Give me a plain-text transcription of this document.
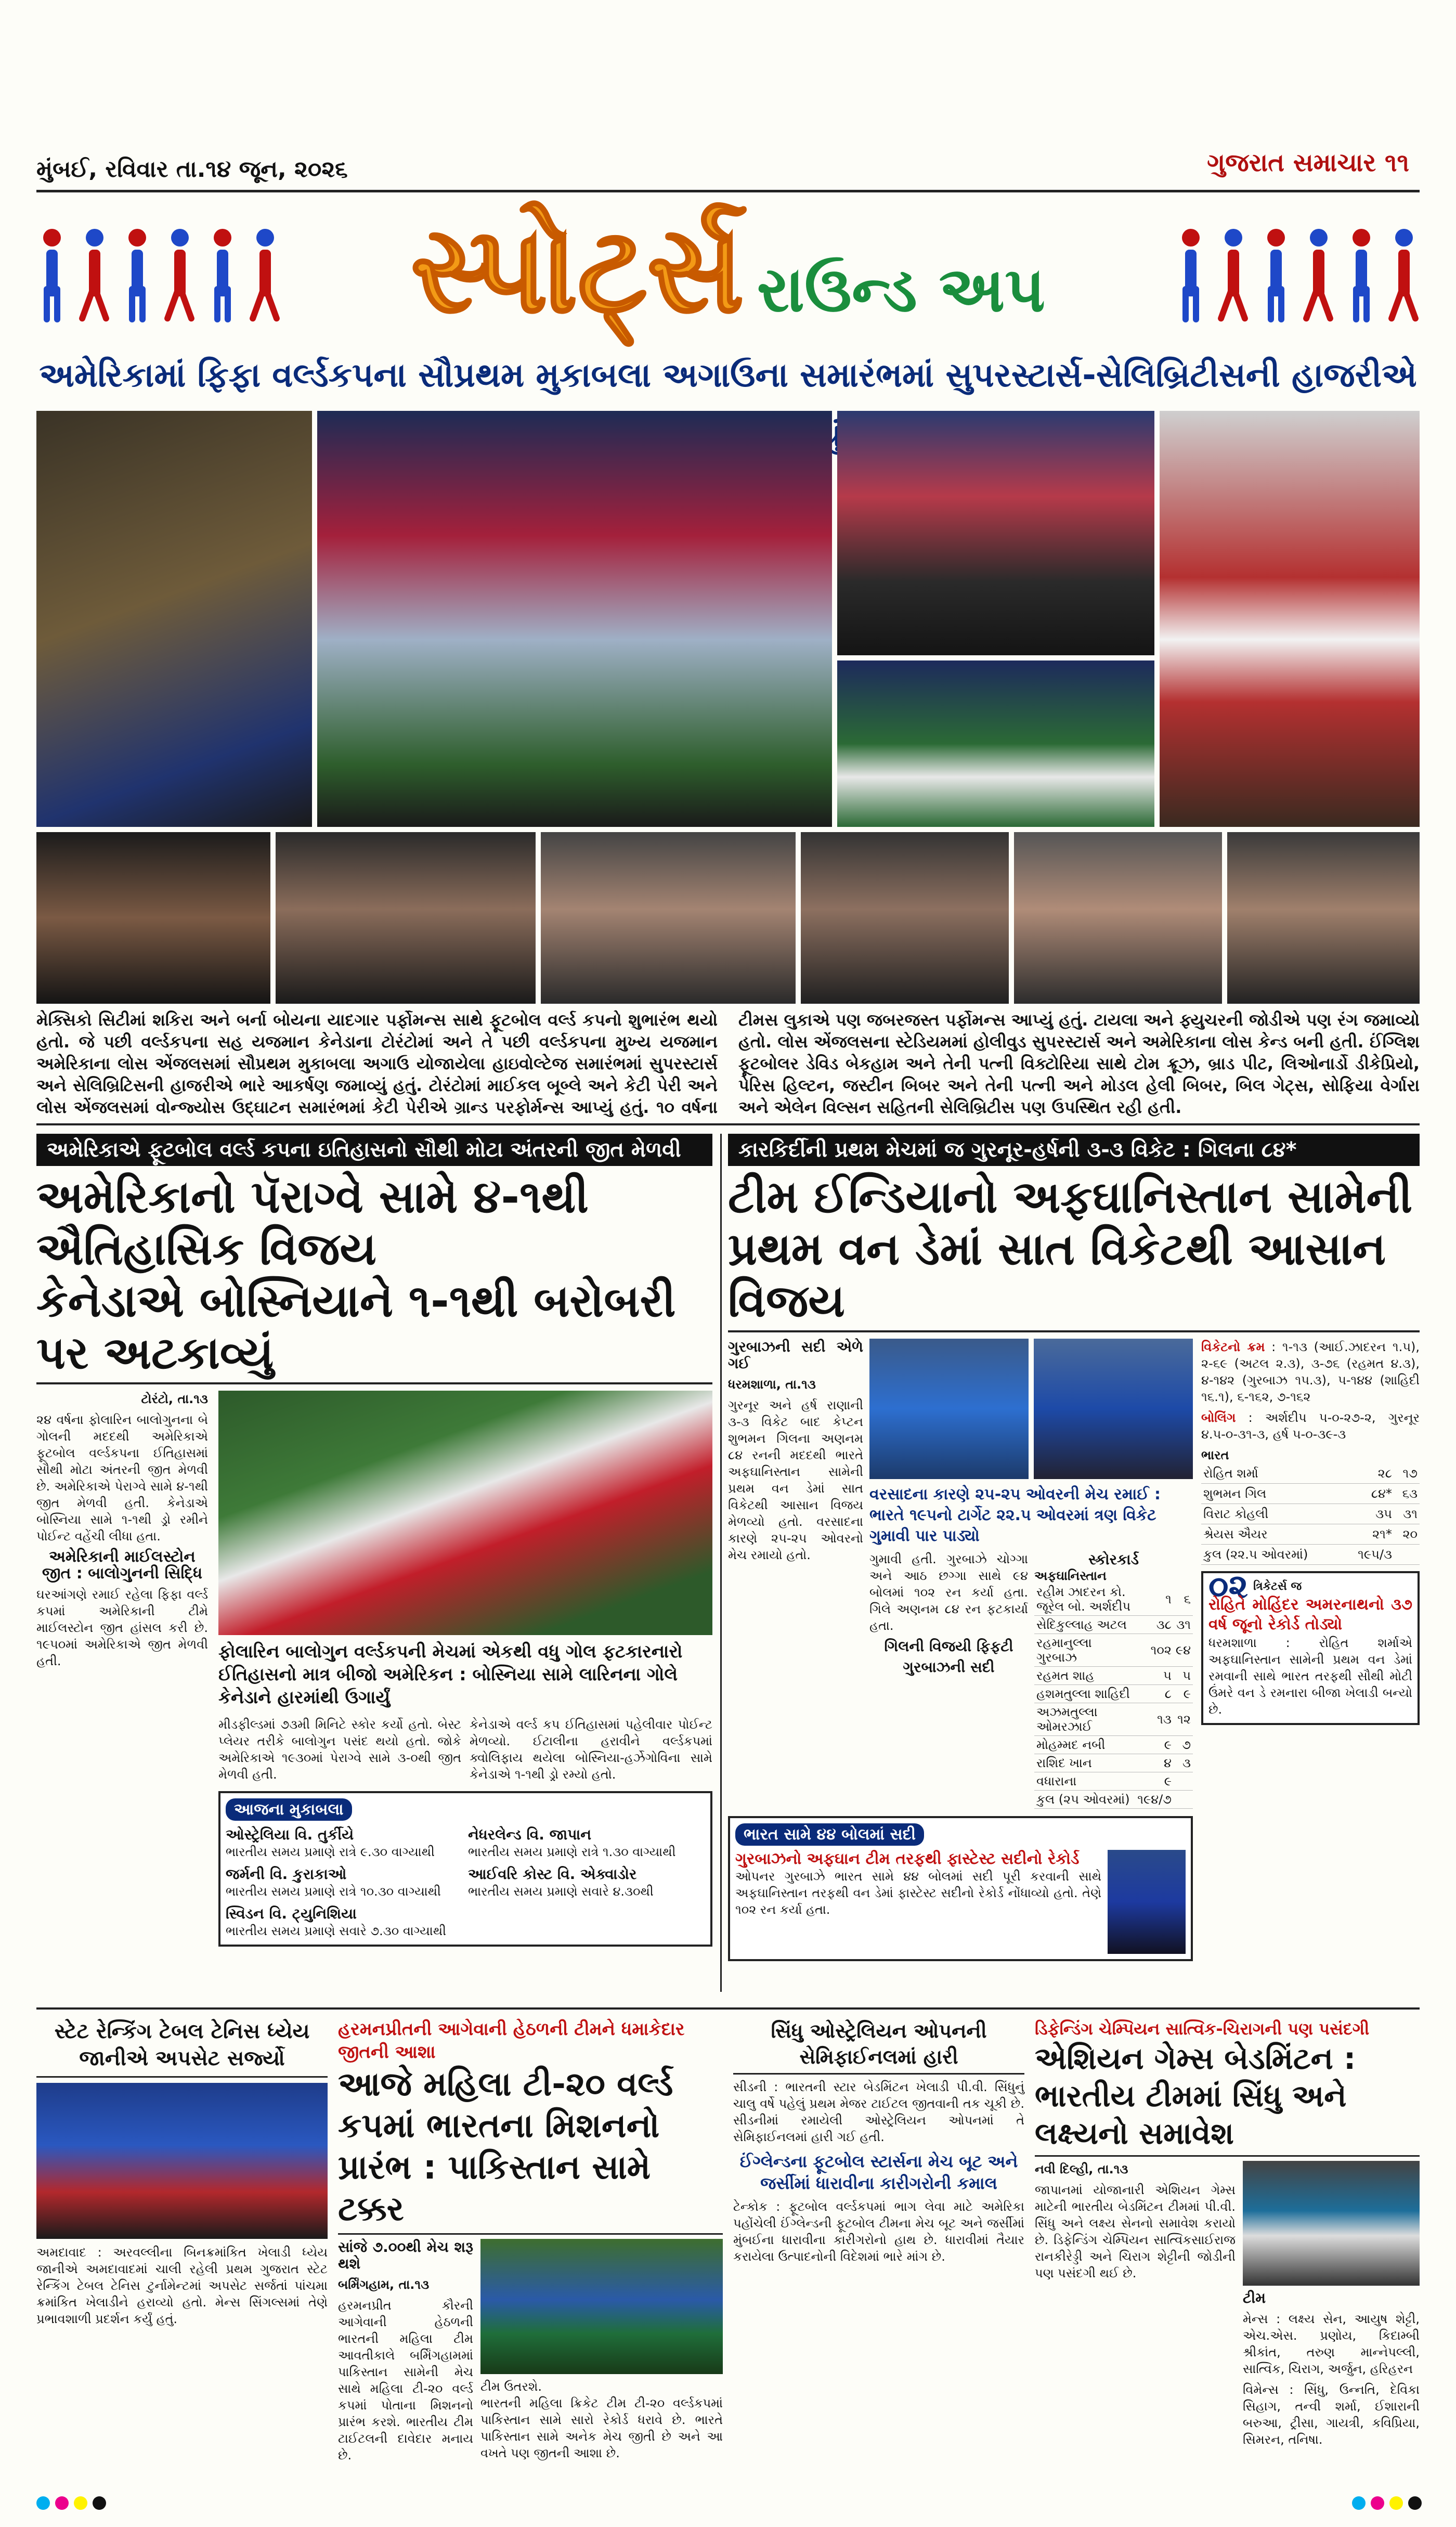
મુંબઈ, રવિવાર તા.૧૪ જૂન, ૨૦૨૬	ગુજરાત સમાચાર ૧૧
સ્પોર્ટ્સ રાઉન્ડ અપ
અમેરિકામાં ફિફા વર્લ્ડકપના સૌપ્રથમ મુકાબલા અગાઉના સમારંભમાં સુપરસ્ટાર્સ-સેલિબ્રિટીસની હાજરીએ
મેક્સિકો સિટીમાં શકિરા અને બર્ના બોયના યાદગાર પર્ફોમન્સ સાથે ફૂટબોલ વર્લ્ડ કપનો શુભારંભ થયો હતો. જે પછી વર્લ્ડકપના સહ યજમાન કેનેડાના ટોરંટોમાં અને તે પછી વર્લ્ડકપના મુખ્ય યજમાન અમેરિકાના લોસ એંજલસમાં સૌપ્રથમ મુકાબલા અગાઉ યોજાયેલા હાઇવોલ્ટેજ સમારંભમાં સુપરસ્ટાર્સ અને સેલિબ્રિટિસની હાજરીએ ભારે આકર્ષણ જમાવ્યું હતું. ટોરંટોમાં માઈકલ બૂબ્લે અને કેટી પેરી અને લોસ એંજલસમાં વોન્જ્યોસ ઉદ્ઘાટન સમારંભમાં કેટી પેરીએ ગ્રાન્ડ પરફોર્મન્સ આપ્યું હતું. ૧૦ વર્ષના ટીમસ લુકાએ પણ જબરજસ્ત પર્ફોમન્સ આપ્યું હતું. ટાયલા અને ફ્યુચરની જોડીએ પણ રંગ જમાવ્યો હતો. લોસ એંજલસના સ્ટેડિયમમાં હોલીવુડ સુપરસ્ટાર્સ અને અમેરિકાના લોસ કેન્ડ બની હતી. ઈંગ્લિશ ફૂટબોલર ડેવિડ બેકહામ અને તેની પત્ની વિક્ટોરિયા સાથે ટોમ ક્રૂઝ, બ્રાડ પીટ, લિઓનાર્ડો ડીકેપ્રિયો, પેરિસ હિલ્ટન, જસ્ટીન બિબર અને તેની પત્ની અને મોડલ હેલી બિબર, બિલ ગેટ્સ, સોફિયા વેર્ગારા અને એલેન વિલ્સન સહિતની સેલિબ્રિટીસ પણ ઉપસ્થિત રહી હતી.
અમેરિકાએ ફૂટબોલ વર્લ્ડ કપના ઇતિહાસનો સૌથી મોટા અંતરની જીત મેળવી
અમેરિકાનો પૅરાગ્વે સામે ૪-૧થી ઐતિહાસિક વિજય
કેનેડાએ બોસ્નિયાને ૧-૧થી બરોબરી પર અટકાવ્યું

ટોરંટો, તા.૧૩

૨૪ વર્ષના ફોલારિન બાલોગુનના બે ગોલની મદદથી અમેરિકાએ ફૂટબોલ વર્લ્ડકપના ઈતિહાસમાં સૌથી મોટા અંતરની જીત મેળવી છે. અમેરિકાએ પેરાગ્વે સામે ૪-૧થી જીત મેળવી હતી. કેનેડાએ બોસ્નિયા સામે ૧-૧થી ડ્રો રમીને પોઈન્ટ વહેંચી લીધા હતા.

અમેરિકાની માઈલસ્ટોન જીત : બાલોગુનની સિદ્ધિ

ઘરઆંગણે રમાઈ રહેલા ફિફા વર્લ્ડ કપમાં અમેરિકાની ટીમે માઈલસ્ટોન જીત હાંસલ કરી છે. ૧૯૫૦માં અમેરિકાએ જીત મેળવી હતી.	ફોલારિન બાલોગુન વર્લ્ડકપની મેચમાં એકથી વધુ ગોલ ફટકારનારો ઈતિહાસનો માત્ર બીજો અમેરિકન : બોસ્નિયા સામે લારિનના ગોલે કેનેડાને હારમાંથી ઉગાર્યું
મીડફીલ્ડમાં ૭૩મી મિનિટે સ્કોર કર્યો હતો. બેસ્ટ પ્લેયર તરીકે બાલોગુન પસંદ થયો હતો. જોકે અમેરિકાએ ૧૯૩૦માં પેરાગ્વે સામે ૩-૦થી જીત મેળવી હતી.
કેનેડાએ વર્લ્ડ કપ ઈતિહાસમાં પહેલીવાર પોઈન્ટ મેળવ્યો. ઈટાલીના હરાવીને વર્લ્ડકપમાં ક્વોલિફાય થયેલા બોસ્નિયા-હર્ઝેગોવિના સામે કેનેડાએ ૧-૧થી ડ્રો રમ્યો હતો.
આજના મુકાબલા
ઓસ્ટ્રેલિયા વિ. તુર્કીયે
ભારતીય સમય પ્રમાણે રાત્રે ૯.૩૦ વાગ્યાથી
નેધરલેન્ડ વિ. જાપાન
ભારતીય સમય પ્રમાણે રાત્રે ૧.૩૦ વાગ્યાથી
જર્મની વિ. કુરાકાઓ
ભારતીય સમય પ્રમાણે રાત્રે ૧૦.૩૦ વાગ્યાથી
આઈવરિ કોસ્ટ વિ. એક્વાડોર
ભારતીય સમય પ્રમાણે સવારે ૪.૩૦થી
સ્વિડન વિ. ટ્યુનિશિયા
ભારતીય સમય પ્રમાણે સવારે ૭.૩૦ વાગ્યાથી
કારકિર્દીની પ્રથમ મેચમાં જ ગુરનૂર-હર્ષની ૩-૩ વિકેટ : ગિલના ૮૪*
ટીમ ઈન્ડિયાનો અફઘાનિસ્તાન સામેની પ્રથમ વન ડેમાં સાત વિકેટથી આસાન વિજય

ગુરબાઝની સદી એળે ગઈ

ધરમશાળા, તા.૧૩

ગુરનૂર અને હર્ષ રાણાની ૩-૩ વિકેટ બાદ કેપ્ટન શુભમન ગિલના અણનમ ૮૪ રનની મદદથી ભારતે અફઘાનિસ્તાન સામેની પ્રથમ વન ડેમાં સાત વિકેટથી આસાન વિજય મેળવ્યો હતો. વરસાદના કારણે ૨૫-૨૫ ઓવરનો મેચ રમાયો હતો.

વરસાદના કારણે ૨૫-૨૫ ઓવરની મેચ રમાઈ : ભારતે ૧૯૫નો ટાર્ગેટ ૨૨.૫ ઓવરમાં ત્રણ વિકેટ ગુમાવી પાર પાડ્યો

ગુમાવી હતી. ગુરબાઝે ચોગ્ગા અને આઠ છગ્ગા સાથે ૯૪ બોલમાં ૧૦૨ રન કર્યા હતા. ગિલે અણનમ ૮૪ રન ફટકાર્યા હતા.

ગિલની વિજયી ફિફટી

ગુરબાઝની સદી

સ્કોરકાર્ડ
અફઘાનિસ્તાન
રહીમ ઝાદરન કો. જૂરેલ બો. અર્શદીપ	૧	૬
સેદિકુલ્લાહ અટલ	૩૮	૩૧
રહમાનુલ્લા ગુરબાઝ	૧૦૨	૯૪
રહમત શાહ	૫	૫
હશમતુલ્લા શાહિદી	૮	૯
અઝમતુલ્લા ઓમરઝાઈ	૧૩	૧૨
મોહમ્મદ નબી	૯	૭
રાશિદ ખાન	૪	૩
વધારાના	૯	
કુલ (૨૫ ઓવરમાં)	૧૯૪/૭	
ભારત સામે ૪૪ બોલમાં સદી
ગુરબાઝનો અફઘાન ટીમ તરફથી ફાસ્ટેસ્ટ સદીનો રેકોર્ડ
ઓપનર ગુરબાઝે ભારત સામે ૪૪ બોલમાં સદી પૂરી કરવાની સાથે અફઘાનિસ્તાન તરફથી વન ડેમાં ફાસ્ટેસ્ટ સદીનો રેકોર્ડ નોંધાવ્યો હતો. તેણે ૧૦૨ રન કર્યા હતા.

વિકેટનો ક્રમ : ૧-૧૩ (આઈ.ઝાદરન ૧.૫), ૨-૬૯ (અટલ ૨.૩), ૩-૭૬ (રહમત ૪.૩), ૪-૧૪૨ (ગુરબાઝ ૧૫.૩), ૫-૧૪૪ (શાહિદી ૧૬.૧), ૬-૧૬૨, ૭-૧૬૨

બોલિંગ : અર્શદીપ ૫-૦-૨૭-૨, ગુરનૂર ૪.૫-૦-૩૧-૩, હર્ષ ૫-૦-૩૯-૩

ભારત
રોહિત શર્મા	૨૮	૧૭
શુભમન ગિલ	૮૪*	૬૩
વિરાટ કોહલી	૩૫	૩૧
શ્રેયસ ઐયર	૨૧*	૨૦
કુલ (૨૨.૫ ઓવરમાં)	૧૯૫/૩	
૦૨ ત્રિકેટર્સ જ
રોહિતે મોહિંદર અમરનાથનો ૩૭ વર્ષ જૂનો રેકોર્ડ તોડ્યો
ધરમશાળા : રોહિત શર્માએ અફઘાનિસ્તાન સામેની પ્રથમ વન ડેમાં રમવાની સાથે ભારત તરફથી સૌથી મોટી ઉંમરે વન ડે રમનારા બીજા ખેલાડી બન્યો છે.
સ્ટેટ રેન્કિંગ ટેબલ ટેનિસ ધ્યેય જાનીએ અપસેટ સર્જ્યો
અમદાવાદ : અરવલ્લીના બિનક્રમાંકિત ખેલાડી ધ્યેય જાનીએ અમદાવાદમાં ચાલી રહેલી પ્રથમ ગુજરાત સ્ટેટ રેન્કિંગ ટેબલ ટેનિસ ટુર્નામેન્ટમાં અપસેટ સર્જતાં પાંચમા ક્રમાંકિત ખેલાડીને હરાવ્યો હતો. મેન્સ સિંગલ્સમાં તેણે પ્રભાવશાળી પ્રદર્શન કર્યું હતું.
હરમનપ્રીતની આગેવાની હેઠળની ટીમને ધમાકેદાર જીતની આશા
આજે મહિલા ટી-૨૦ વર્લ્ડ કપમાં ભારતના મિશનનો પ્રારંભ : પાકિસ્તાન સામે ટક્કર

સાંજે ૭.૦૦થી મેચ શરૂ થશે

બર્મિંગહામ, તા.૧૩

હરમનપ્રીત કૌરની આગેવાની હેઠળની ભારતની મહિલા ટીમ આવતીકાલે બર્મિંગહામમાં પાકિસ્તાન સામેની મેચ સાથે મહિલા ટી-૨૦ વર્લ્ડ કપમાં પોતાના મિશનનો પ્રારંભ કરશે. ભારતીય ટીમ ટાઈટલની દાવેદાર મનાય છે.

ટીમ ઉતરશે.
ભારતની મહિલા ક્રિકેટ ટીમ ટી-૨૦ વર્લ્ડકપમાં પાકિસ્તાન સામે સારો રેકોર્ડ ધરાવે છે. ભારતે પાકિસ્તાન સામે અનેક મેચ જીતી છે અને આ વખતે પણ જીતની આશા છે.
સિંધુ ઓસ્ટ્રેલિયન ઓપનની સેમિફાઈનલમાં હારી
સીડની : ભારતની સ્ટાર બેડમિંટન ખેલાડી પી.વી. સિંધુનું ચાલુ વર્ષે પહેલું પ્રથમ મેજર ટાઈટલ જીતવાની તક ચૂકી છે. સીડનીમાં રમાયેલી ઓસ્ટ્રેલિયન ઓપનમાં તે સેમિફાઈનલમાં હારી ગઈ હતી.
ઈંગ્લેન્ડના ફૂટબોલ સ્ટાર્સના મેચ બૂટ અને જર્સીમાં ધારાવીના કારીગરોની કમાલ
ટેન્કોક : ફૂટબોલ વર્લ્ડકપમાં ભાગ લેવા માટે અમેરિકા પહોંચેલી ઈંગ્લેન્ડની ફૂટબોલ ટીમના મેચ બૂટ અને જર્સીમાં મુંબઈના ધારાવીના કારીગરોનો હાથ છે. ધારાવીમાં તૈયાર કરાયેલા ઉત્પાદનોની વિદેશમાં ભારે માંગ છે.
ડિફેન્ડિંગ ચેમ્પિયન સાત્વિક-ચિરાગની પણ પસંદગી
એશિયન ગેમ્સ બેડમિંટન : ભારતીય ટીમમાં સિંધુ અને લક્ષ્યનો સમાવેશ

નવી દિલ્હી, તા.૧૩

જાપાનમાં યોજાનારી એશિયન ગેમ્સ માટેની ભારતીય બેડમિંટન ટીમમાં પી.વી. સિંધુ અને લક્ષ્ય સેનનો સમાવેશ કરાયો છે. ડિફેન્ડિંગ ચેમ્પિયન સાત્વિકસાઈરાજ રાનકીરેડ્ડી અને ચિરાગ શેટ્ટીની જોડીની પણ પસંદગી થઈ છે.

ટીમ

મેન્સ : લક્ષ્ય સેન, આયુષ શેટ્ટી, એચ.એસ. પ્રણોય, કિદામ્બી શ્રીકાંત, તરુણ માન્નેપલ્લી, સાત્વિક, ચિરાગ, અર્જુન, હરિહરન

વિમેન્સ : સિંધુ, ઉન્નતિ, દેવિકા સિહાગ, તન્વી શર્મા, ઈશારાની બરુઆ, ટ્રીસા, ગાયત્રી, કવિપ્રિયા, સિમરન, તનિષા.
